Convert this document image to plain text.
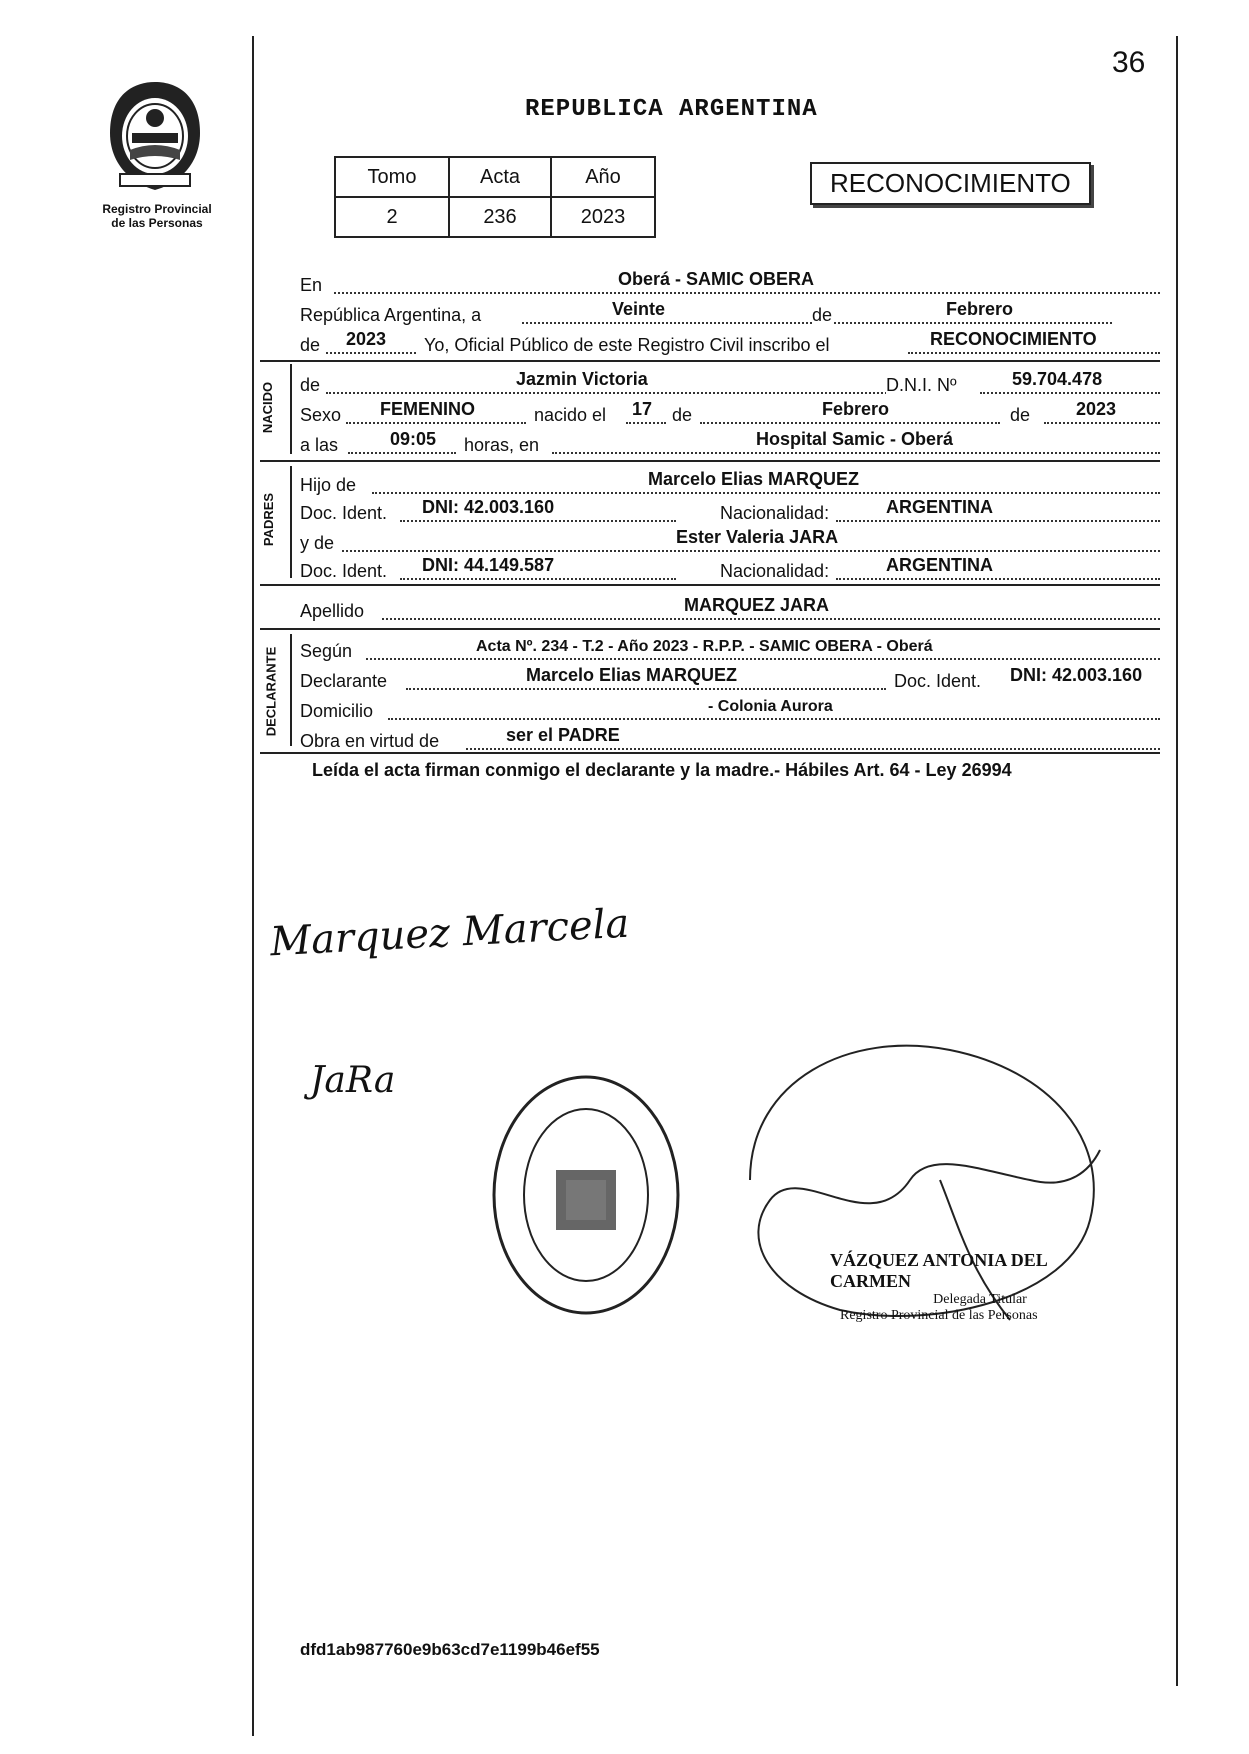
36
Registro Provincial
de las Personas
REPUBLICA ARGENTINA
Tomo	Acta	Año
2	236	2023
RECONOCIMIENTO
En	Oberá - SAMIC OBERA
República Argentina, a	Veinte	de	Febrero
de 2023 Yo, Oficial Público de este Registro Civil inscribo el	RECONOCIMIENTO
NACIDO de	Jazmin Victoria	D.N.I. Nº	59.704.478
Sexo FEMENINO	nacido el 17 de	Febrero	de	2023
a las	09:05 horas, en	Hospital Samic - Oberá
PADRES
Hijo de	Marcelo Elias MARQUEZ
Doc. Ident. DNI: 42.003.160	Nacionalidad:	ARGENTINA
y de	Ester Valeria JARA
Doc. Ident. DNI: 44.149.587	Nacionalidad:	ARGENTINA
Apellido	MARQUEZ JARA
DECLARANTE Según	Acta Nº. 234 - T.2 - Año 2023 - R.P.P. - SAMIC OBERA - Oberá
Declarante	Marcelo Elias MARQUEZ	Doc. Ident. DNI: 42.003.160
Domicilio	- Colonia Aurora
Obra en virtud de	ser el PADRE
Leída el acta firman conmigo el declarante y la madre.- Hábiles Art. 64 - Ley 26994
Marquez Marcela
JaRa
VÁZQUEZ ANTONIA DEL CARMEN
Delegada Titular
Registro Provincial de las Personas
dfd1ab987760e9b63cd7e1199b46ef55
